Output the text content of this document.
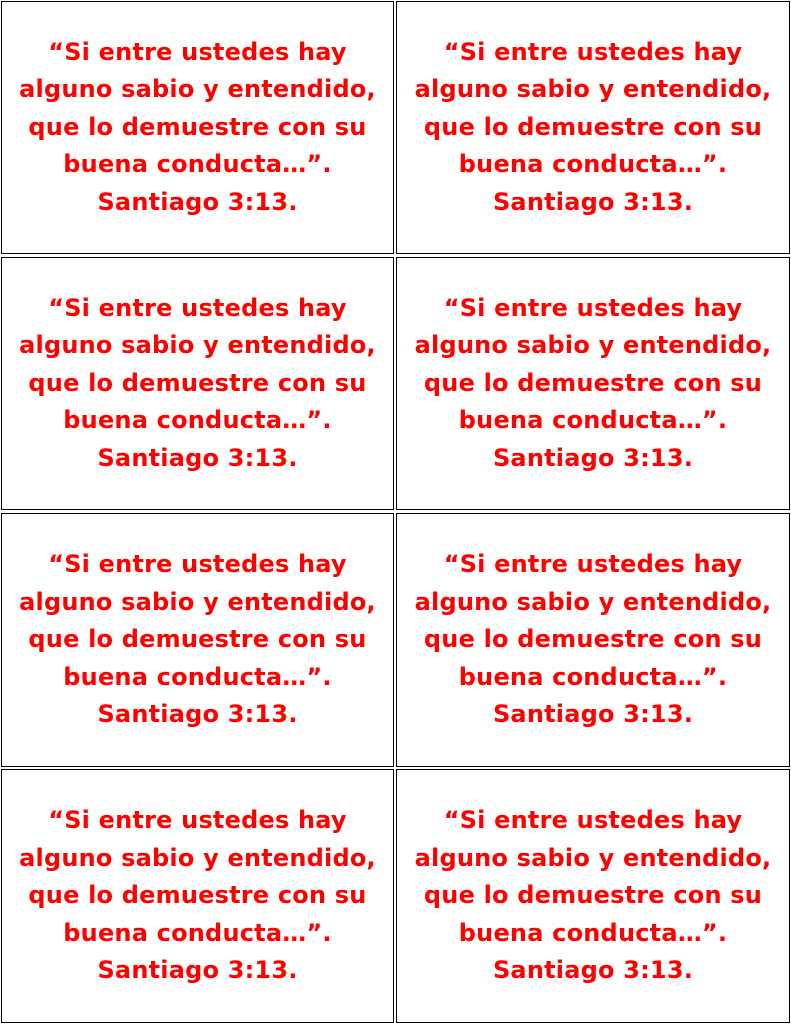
“Si entre ustedes hay
alguno sabio y entendido,
que lo demuestre con su
buena conducta…”.
Santiago 3:13.
“Si entre ustedes hay
alguno sabio y entendido,
que lo demuestre con su
buena conducta…”.
Santiago 3:13.
“Si entre ustedes hay
alguno sabio y entendido,
que lo demuestre con su
buena conducta…”.
Santiago 3:13.
“Si entre ustedes hay
alguno sabio y entendido,
que lo demuestre con su
buena conducta…”.
Santiago 3:13.
“Si entre ustedes hay
alguno sabio y entendido,
que lo demuestre con su
buena conducta…”.
Santiago 3:13.
“Si entre ustedes hay
alguno sabio y entendido,
que lo demuestre con su
buena conducta…”.
Santiago 3:13.
“Si entre ustedes hay
alguno sabio y entendido,
que lo demuestre con su
buena conducta…”.
Santiago 3:13.
“Si entre ustedes hay
alguno sabio y entendido,
que lo demuestre con su
buena conducta…”.
Santiago 3:13.
